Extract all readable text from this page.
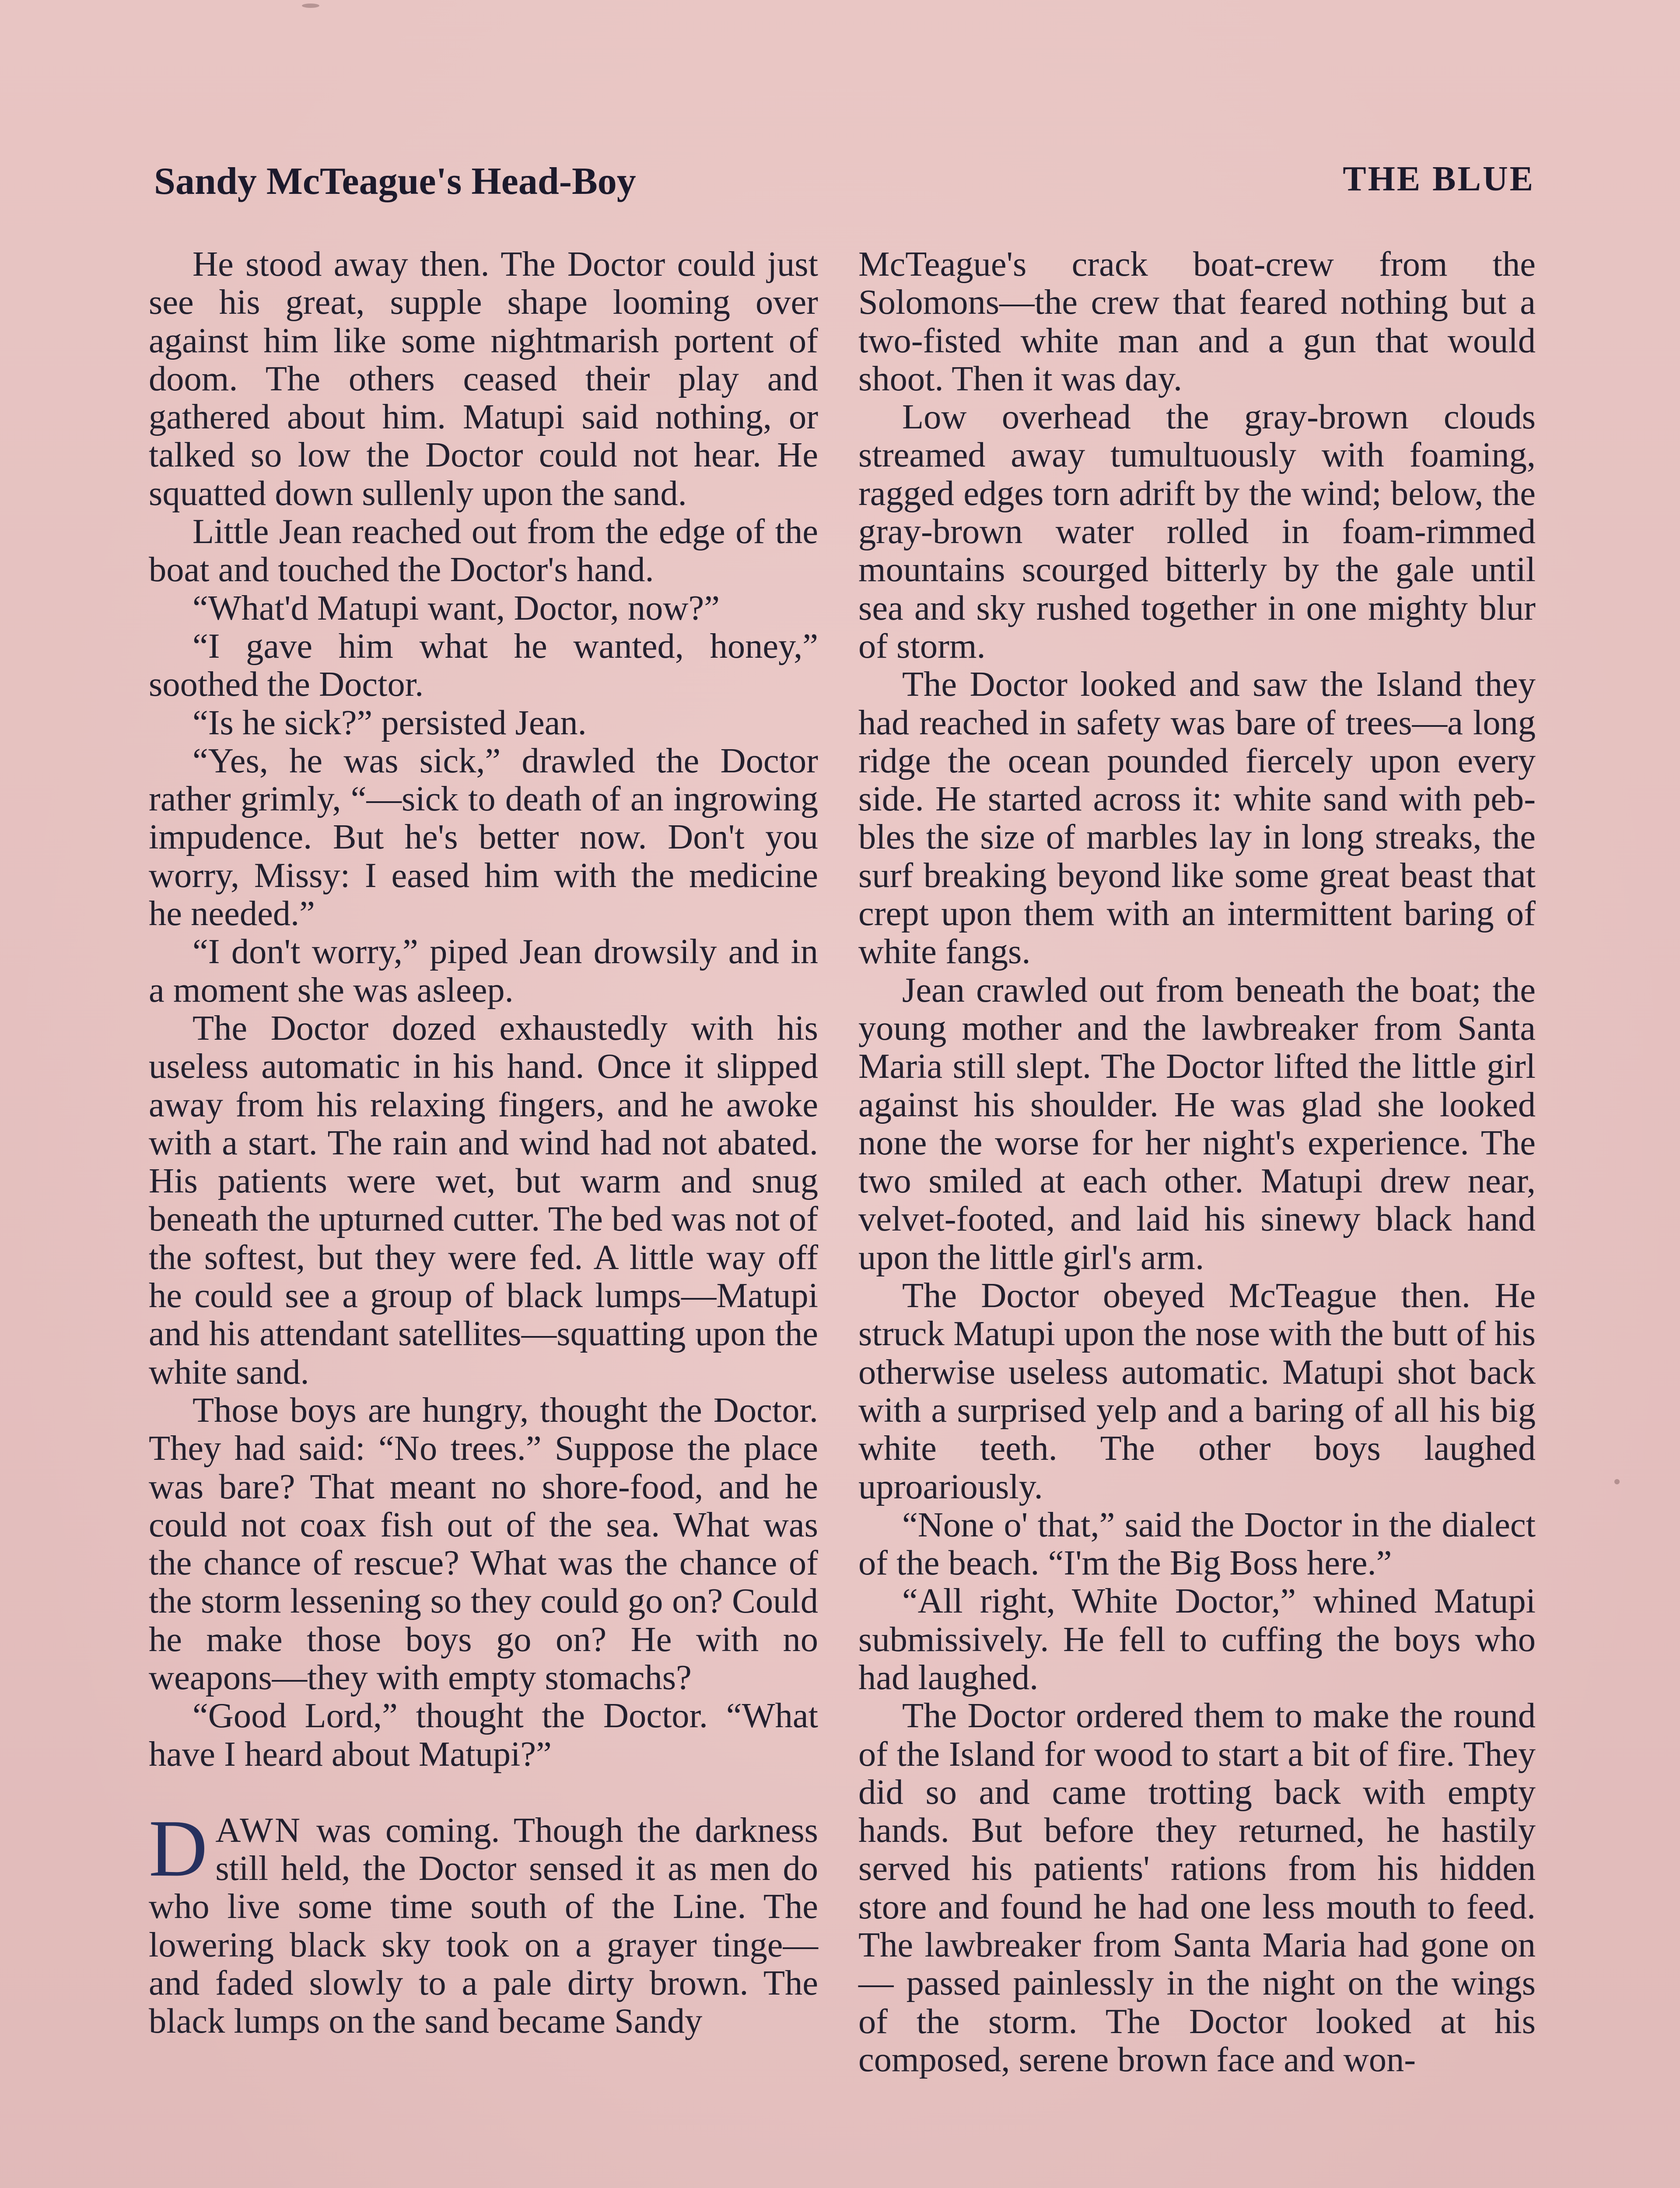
Sandy McTeague's Head-Boy	THE BLUE

He stood away then. The Doctor could just see his great, supple shape looming over against him like some nightmarish portent of doom. The others ceased their play and gathered about him. Matupi said nothing, or talked so low the Doctor could not hear. He squatted down sullenly upon the sand.

Little Jean reached out from the edge of the boat and touched the Doctor's hand.

“What'd Matupi want, Doctor, now?”

“I gave him what he wanted, honey,” soothed the Doctor.

“Is he sick?” persisted Jean.

“Yes, he was sick,” drawled the Doctor rather grimly, “—sick to death of an ingrowing impudence. But he's better now. Don't you worry, Missy: I eased him with the medicine he needed.”

“I don't worry,” piped Jean drowsily and in a moment she was asleep.

The Doctor dozed exhaustedly with his useless automatic in his hand. Once it slipped away from his relaxing fingers, and he awoke with a start. The rain and wind had not abated. His patients were wet, but warm and snug beneath the upturned cutter. The bed was not of the softest, but they were fed. A little way off he could see a group of black lumps—Matupi and his attendant satellites—squatting upon the white sand.

Those boys are hungry, thought the Doctor. They had said: “No trees.” Suppose the place was bare? That meant no shore-food, and he could not coax fish out of the sea. What was the chance of rescue? What was the chance of the storm lessening so they could go on? Could he make those boys go on? He with no weapons—they with empty stomachs?

“Good Lord,” thought the Doctor. “What have I heard about Matupi?”

DAWN was coming. Though the darkness still held, the Doctor sensed it as men do who live some time south of the Line. The lowering black sky took on a grayer tinge—and faded slowly to a pale dirty brown. The black lumps on the sand became Sandy

McTeague's crack boat-crew from the Solomons—the crew that feared nothing but a two-fisted white man and a gun that would shoot. Then it was day.

Low overhead the gray-brown clouds streamed away tumultuously with foaming, ragged edges torn adrift by the wind; below, the gray-brown water rolled in foam-rimmed mountains scourged bitterly by the gale until sea and sky rushed together in one mighty blur of storm.

The Doctor looked and saw the Island they had reached in safety was bare of trees—a long ridge the ocean pounded fiercely upon every side. He started across it: white sand with pebbles the size of marbles lay in long streaks, the surf breaking beyond like some great beast that crept upon them with an intermittent baring of white fangs.

Jean crawled out from beneath the boat; the young mother and the lawbreaker from Santa Maria still slept. The Doctor lifted the little girl against his shoulder. He was glad she looked none the worse for her night's experience. The two smiled at each other. Matupi drew near, velvet-footed, and laid his sinewy black hand upon the little girl's arm.

The Doctor obeyed McTeague then. He struck Matupi upon the nose with the butt of his otherwise useless automatic. Matupi shot back with a surprised yelp and a baring of all his big white teeth. The other boys laughed uproariously.

“None o' that,” said the Doctor in the dialect of the beach. “I'm the Big Boss here.”

“All right, White Doctor,” whined Matupi submissively. He fell to cuffing the boys who had laughed.

The Doctor ordered them to make the round of the Island for wood to start a bit of fire. They did so and came trotting back with empty hands. But before they returned, he hastily served his patients' rations from his hidden store and found he had one less mouth to feed. The lawbreaker from Santa Maria had gone on — passed painlessly in the night on the wings of the storm. The Doctor looked at his composed, serene brown face and won-
